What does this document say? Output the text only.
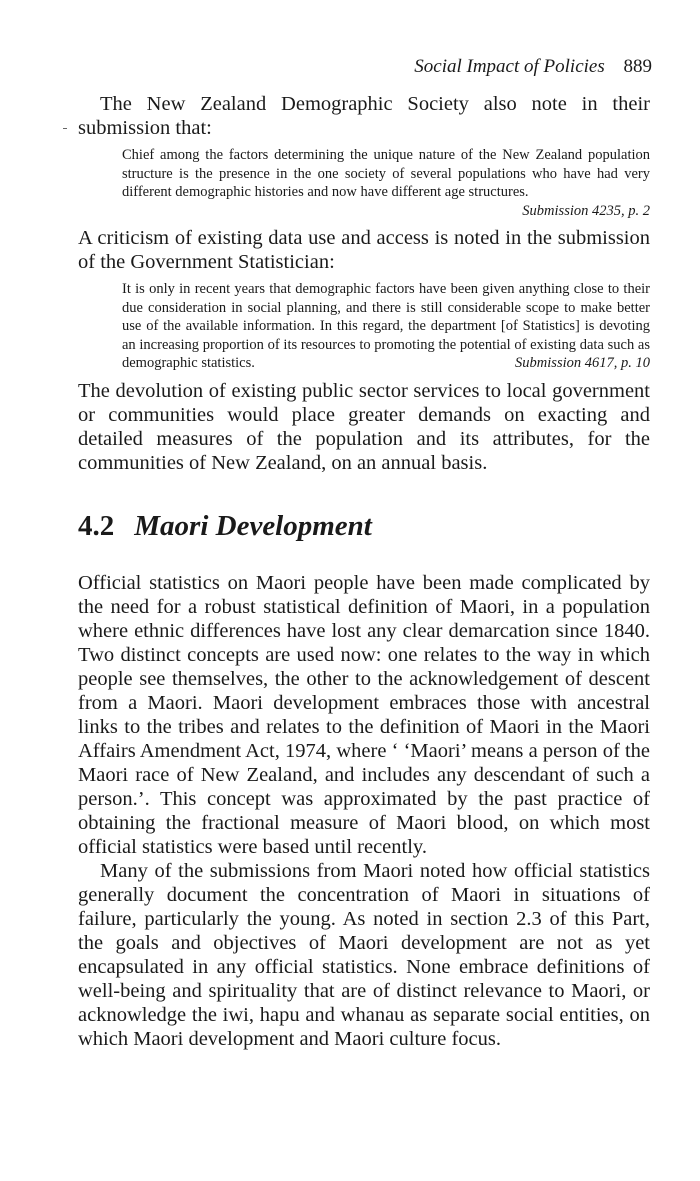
Social Impact of Policies 889

The New Zealand Demographic Society also note in their submission that:

Chief among the factors determining the unique nature of the New Zealand population structure is the presence in the one society of several populations who have had very different demographic histories and now have different age structures.
Submission 4235, p. 2

A criticism of existing data use and access is noted in the submission of the Government Statistician:

It is only in recent years that demographic factors have been given anything close to their due consideration in social planning, and there is still considerable scope to make better use of the available information. In this regard, the department [of Statistics] is devoting an increasing proportion of its resources to promoting the potential of existing data such as demographic statistics.	Submission 4617, p. 10

The devolution of existing public sector services to local government or communities would place greater demands on exacting and detailed measures of the population and its attributes, for the communities of New Zealand, on an annual basis.

4.2 Maori Development

Official statistics on Maori people have been made complicated by the need for a robust statistical definition of Maori, in a population where ethnic differences have lost any clear demarcation since 1840. Two distinct concepts are used now: one relates to the way in which people see themselves, the other to the acknowledgement of descent from a Maori. Maori development embraces those with ancestral links to the tribes and relates to the definition of Maori in the Maori Affairs Amendment Act, 1974, where ‘ ‘Maori’ means a person of the Maori race of New Zealand, and includes any descendant of such a person.’. This concept was approximated by the past practice of obtaining the fractional measure of Maori blood, on which most official statistics were based until recently.

Many of the submissions from Maori noted how official statistics generally document the concentration of Maori in situations of failure, particularly the young. As noted in section 2.3 of this Part, the goals and objectives of Maori development are not as yet encapsulated in any official statistics. None embrace definitions of well-being and spirituality that are of distinct relevance to Maori, or acknowledge the iwi, hapu and whanau as separate social entities, on which Maori development and Maori culture focus.
